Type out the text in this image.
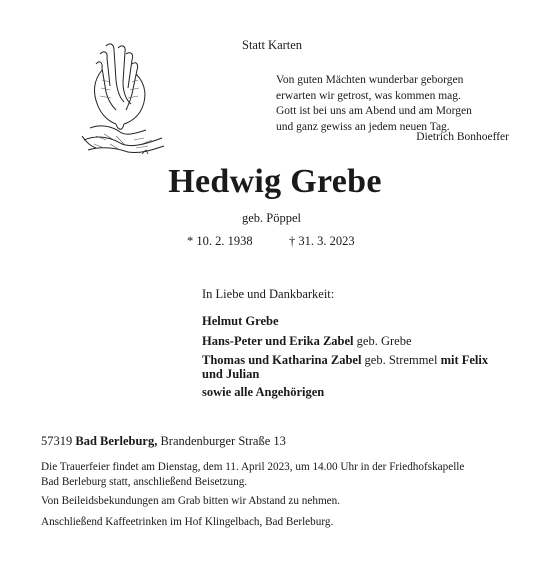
Statt Karten
Von guten Mächten wunderbar geborgen
erwarten wir getrost, was kommen mag.
Gott ist bei uns am Abend und am Morgen
und ganz gewiss an jedem neuen Tag.
Dietrich Bonhoeffer
Hedwig Grebe
geb. Pöppel
* 10. 2. 1938	† 31. 3. 2023
In Liebe und Dankbarkeit:
Helmut Grebe
Hans-Peter und Erika Zabel geb. Grebe
Thomas und Katharina Zabel geb. Stremmel mit Felix
und Julian
sowie alle Angehörigen
57319 Bad Berleburg, Brandenburger Straße 13
Die Trauerfeier findet am Dienstag, dem 11. April 2023, um 14.00 Uhr in der Friedhofskapelle
Bad Berleburg statt, anschließend Beisetzung.
Von Beileidsbekundungen am Grab bitten wir Abstand zu nehmen.
Anschließend Kaffeetrinken im Hof Klingelbach, Bad Berleburg.
